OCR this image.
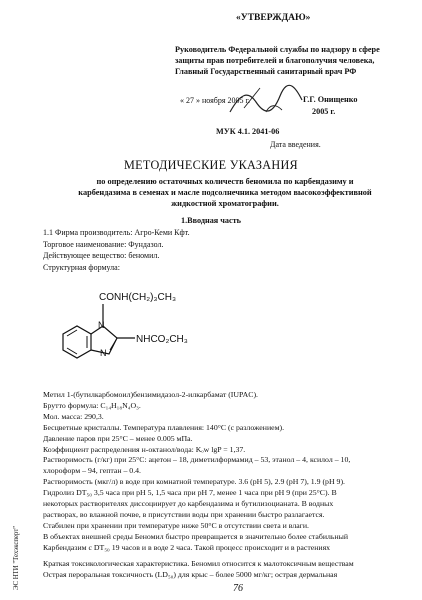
«УТВЕРЖДАЮ»
Руководитель Федеральной службы по надзору в сфере
защиты прав потребителей и благополучия человека,
Главный Государственный санитарный врач РФ
« 27 » ноября 2005 г.	Г.Г. Онищенко
2005 г.
МУК 4.1. 2041-06
Дата введения.
МЕТОДИЧЕСКИЕ УКАЗАНИЯ
по определению остаточных количеств беномила по карбендазиму и
карбендазима в семенах и масле подсолнечника методом высокоэффективной
жидкостной хроматографии.
1.Вводная часть
1.1 Фирма производитель: Агро-Кеми Кфт.
Торговое наименование: Фундазол.
Действующее вещество: беномил.
Структурная формула:
N
N
CONH(CH₂)₃CH₃
NHCO₂CH₃
Метил 1-(бутилкарбомоил)бензимидазол-2-илкарбамат (IUPAC).
Брутто формула: C₁₄H₁₈N₄O₃.
Мол. масса: 290,3.
Бесцветные кристаллы. Температура плавления: 140°С (с разложением).
Давление паров при 25°С – менее 0.005 мПа.
Коэффициент распределения н-октанол/вода: Kₒw lgP = 1,37.
Растворимость (г/кг) при 25°С: ацетон – 18, диметилформамид – 53, этанол – 4, ксилол – 10,
хлороформ – 94, гептан – 0.4.
Растворимость (мкг/л) в воде при комнатной температуре. 3.6 (рН 5), 2.9 (рН 7), 1.9 (рН 9).
Гидролиз DT₅₀ 3,5 часа при рН 5, 1,5 часа при рН 7, менее 1 часа при рН 9 (при 25°С). В
некоторых растворителях диссоциирует до карбендазима и бутилизоцианата. В водных
растворах, во влажной почве, в присутствии воды при хранении быстро разлагается.
Стабилен при хранении при температуре ниже 50°С в отсутствии света и влаги.
В объектах внешней среды Беномил быстро превращается в значительно более стабильный
Карбендазим с DT₅₀ 19 часов и в воде 2 часа. Такой процесс происходит и в растениях
Краткая токсикологическая характеристика. Беномил относится к малотоксичным веществам
Острая пероральная токсичность (LD₅₀) для крыс – более 5000 мг/кг; острая дермальная
ЭС НТИ "Техэксперт"	76
